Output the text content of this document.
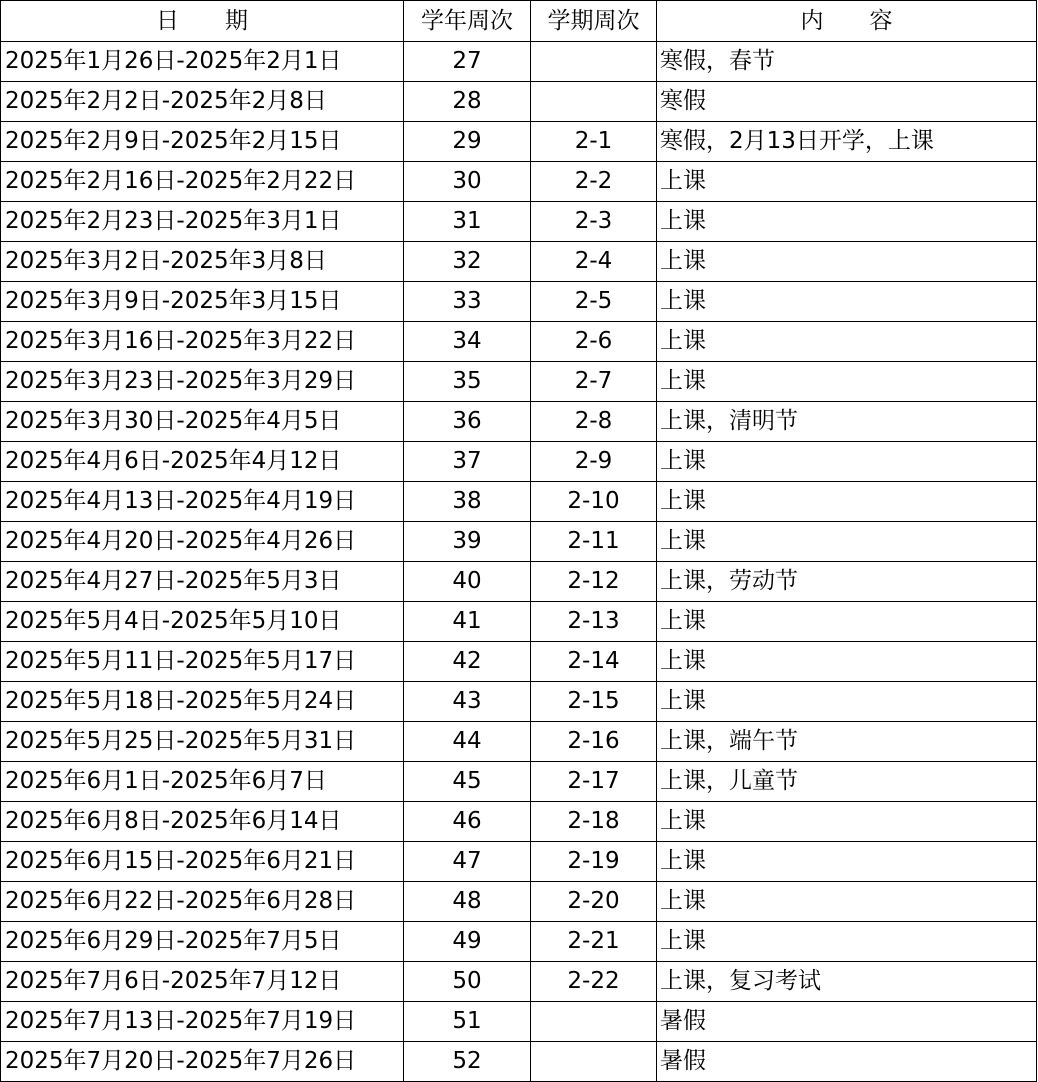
日　　期	学年周次	学期周次	内　　容
2025年1月26日-2025年2月1日	27		寒假，春节
2025年2月2日-2025年2月8日	28		寒假
2025年2月9日-2025年2月15日	29	2-1	寒假，2月13日开学，上课
2025年2月16日-2025年2月22日	30	2-2	上课
2025年2月23日-2025年3月1日	31	2-3	上课
2025年3月2日-2025年3月8日	32	2-4	上课
2025年3月9日-2025年3月15日	33	2-5	上课
2025年3月16日-2025年3月22日	34	2-6	上课
2025年3月23日-2025年3月29日	35	2-7	上课
2025年3月30日-2025年4月5日	36	2-8	上课，清明节
2025年4月6日-2025年4月12日	37	2-9	上课
2025年4月13日-2025年4月19日	38	2-10	上课
2025年4月20日-2025年4月26日	39	2-11	上课
2025年4月27日-2025年5月3日	40	2-12	上课，劳动节
2025年5月4日-2025年5月10日	41	2-13	上课
2025年5月11日-2025年5月17日	42	2-14	上课
2025年5月18日-2025年5月24日	43	2-15	上课
2025年5月25日-2025年5月31日	44	2-16	上课，端午节
2025年6月1日-2025年6月7日	45	2-17	上课，儿童节
2025年6月8日-2025年6月14日	46	2-18	上课
2025年6月15日-2025年6月21日	47	2-19	上课
2025年6月22日-2025年6月28日	48	2-20	上课
2025年6月29日-2025年7月5日	49	2-21	上课
2025年7月6日-2025年7月12日	50	2-22	上课，复习考试
2025年7月13日-2025年7月19日	51		暑假
2025年7月20日-2025年7月26日	52		暑假
